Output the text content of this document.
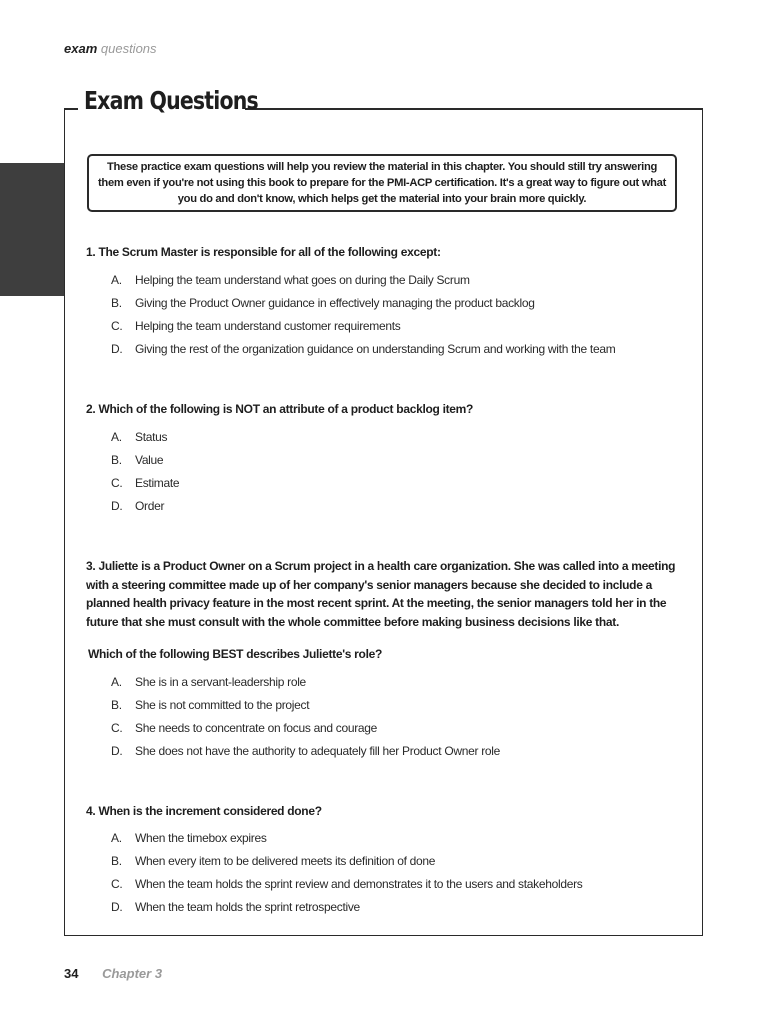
exam questions
Exam Questions
These practice exam questions will help you review the material in this chapter. You should still try answering them even if you're not using this book to prepare for the PMI-ACP certification. It's a great way to figure out what you do and don't know, which helps get the material into your brain more quickly.
1. The Scrum Master is responsible for all of the following except:
A. Helping the team understand what goes on during the Daily Scrum
B. Giving the Product Owner guidance in effectively managing the product backlog
C. Helping the team understand customer requirements
D. Giving the rest of the organization guidance on understanding Scrum and working with the team
2. Which of the following is NOT an attribute of a product backlog item?
A. Status
B. Value
C. Estimate
D. Order
3. Juliette is a Product Owner on a Scrum project in a health care organization. She was called into a meeting with a steering committee made up of her company's senior managers because she decided to include a planned health privacy feature in the most recent sprint. At the meeting, the senior managers told her in the future that she must consult with the whole committee before making business decisions like that.
Which of the following BEST describes Juliette's role?
A. She is in a servant-leadership role
B. She is not committed to the project
C. She needs to concentrate on focus and courage
D. She does not have the authority to adequately fill her Product Owner role
4. When is the increment considered done?
A. When the timebox expires
B. When every item to be delivered meets its definition of done
C. When the team holds the sprint review and demonstrates it to the users and stakeholders
D. When the team holds the sprint retrospective
34 Chapter 3
